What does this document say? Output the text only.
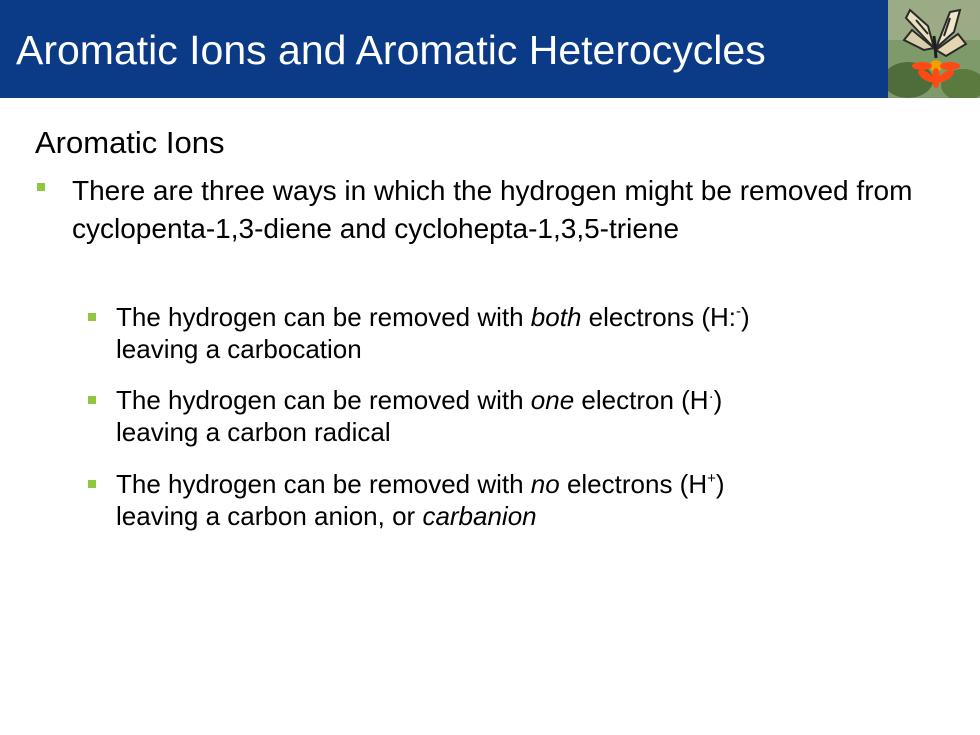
Aromatic Ions and Aromatic Heterocycles
Aromatic Ions
There are three ways in which the hydrogen might be removed from cyclopenta-1,3-diene and cyclohepta-1,3,5-triene
The hydrogen can be removed with both electrons (H:-)
leaving a carbocation
The hydrogen can be removed with one electron (H·)
leaving a carbon radical
The hydrogen can be removed with no electrons (H+)
leaving a carbon anion, or carbanion
